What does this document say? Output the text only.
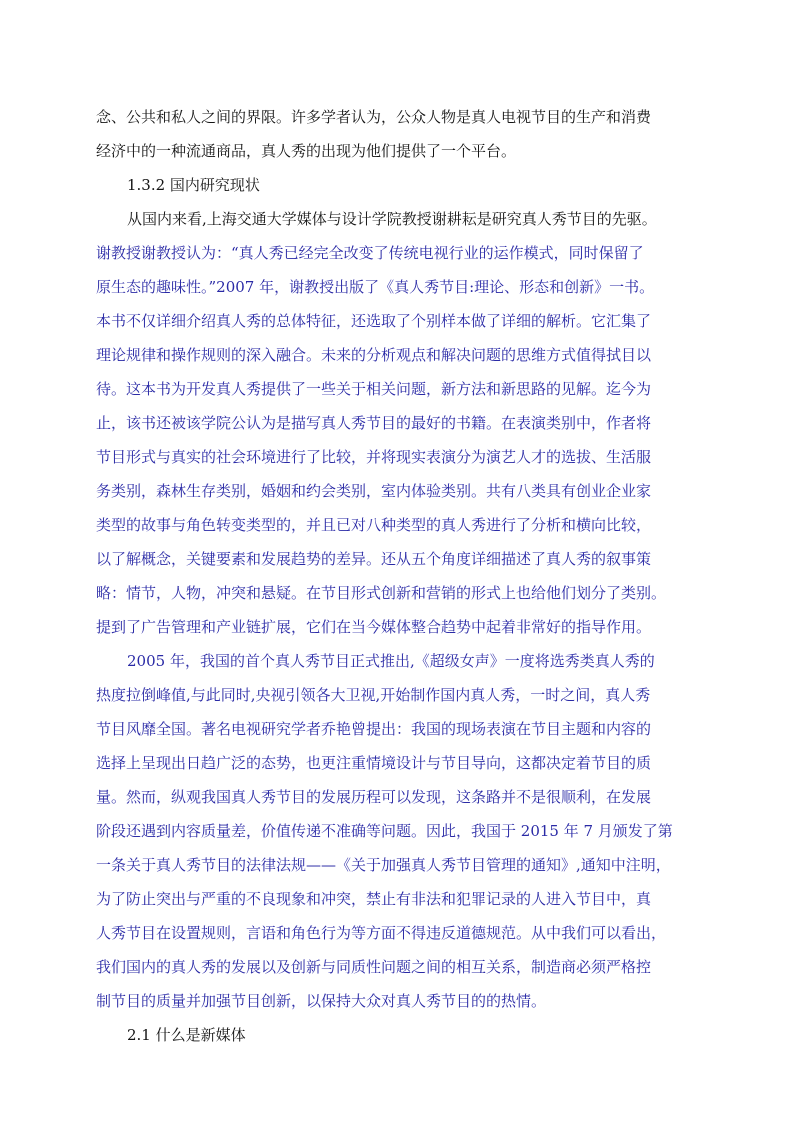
念、公共和私人之间的界限。许多学者认为，公众人物是真人电视节目的生产和消费
经济中的一种流通商品，真人秀的出现为他们提供了一个平台。
1.3.2 国内研究现状
从国内来看,上海交通大学媒体与设计学院教授谢耕耘是研究真人秀节目的先驱。
谢教授谢教授认为：“真人秀已经完全改变了传统电视行业的运作模式，同时保留了
原生态的趣味性。”2007 年，谢教授出版了《真人秀节目:理论、形态和创新》一书。
本书不仅详细介绍真人秀的总体特征，还选取了个别样本做了详细的解析。它汇集了
理论规律和操作规则的深入融合。未来的分析观点和解决问题的思维方式值得拭目以
待。这本书为开发真人秀提供了一些关于相关问题，新方法和新思路的见解。迄今为
止，该书还被该学院公认为是描写真人秀节目的最好的书籍。在表演类别中，作者将
节目形式与真实的社会环境进行了比较，并将现实表演分为演艺人才的选拔、生活服
务类别，森林生存类别，婚姻和约会类别，室内体验类别。共有八类具有创业企业家
类型的故事与角色转变类型的，并且已对八种类型的真人秀进行了分析和横向比较，
以了解概念，关键要素和发展趋势的差异。还从五个角度详细描述了真人秀的叙事策
略：情节，人物，冲突和悬疑。在节目形式创新和营销的形式上也给他们划分了类别。
提到了广告管理和产业链扩展，它们在当今媒体整合趋势中起着非常好的指导作用。
2005 年，我国的首个真人秀节目正式推出,《超级女声》一度将选秀类真人秀的
热度拉倒峰值,与此同时,央视引领各大卫视,开始制作国内真人秀，一时之间，真人秀
节目风靡全国。著名电视研究学者乔艳曾提出：我国的现场表演在节目主题和内容的
选择上呈现出日趋广泛的态势，也更注重情境设计与节目导向，这都决定着节目的质
量。然而，纵观我国真人秀节目的发展历程可以发现，这条路并不是很顺利，在发展
阶段还遇到内容质量差，价值传递不准确等问题。因此，我国于 2015 年 7 月颁发了第
一条关于真人秀节目的法律法规——《关于加强真人秀节目管理的通知》,通知中注明，
为了防止突出与严重的不良现象和冲突，禁止有非法和犯罪记录的人进入节目中，真
人秀节目在设置规则，言语和角色行为等方面不得违反道德规范。从中我们可以看出，
我们国内的真人秀的发展以及创新与同质性问题之间的相互关系，制造商必须严格控
制节目的质量并加强节目创新，以保持大众对真人秀节目的的热情。
2.1 什么是新媒体
